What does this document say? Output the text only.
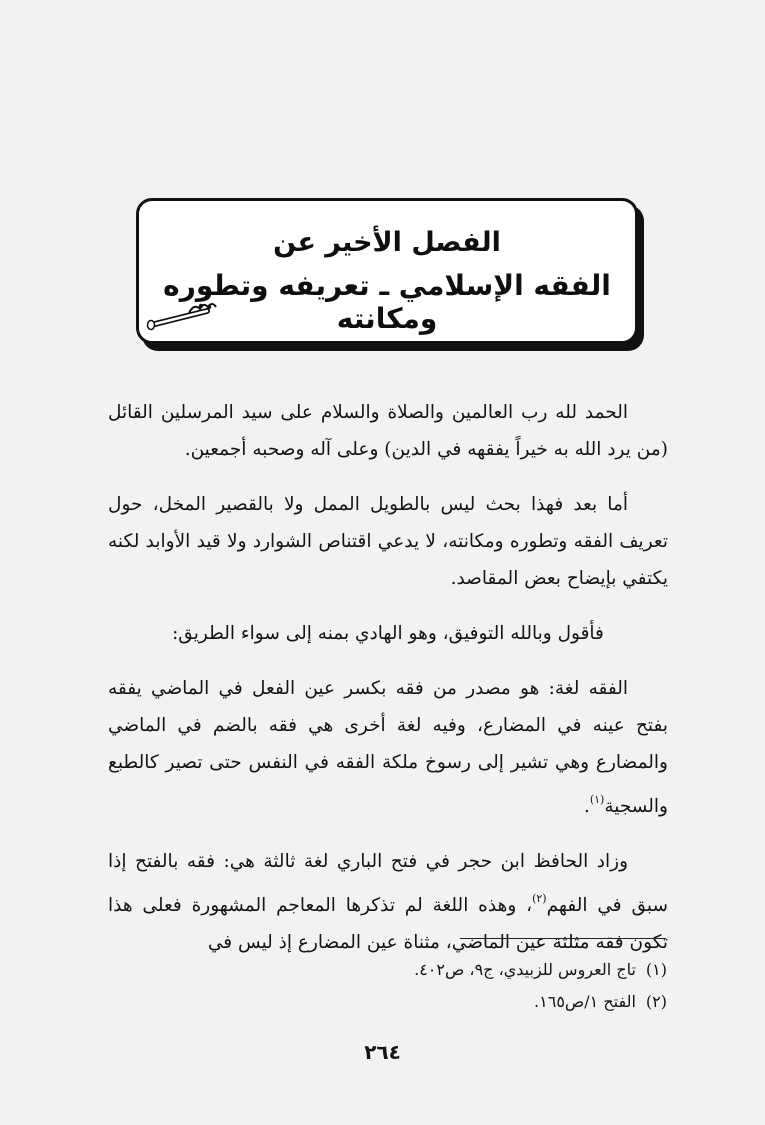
الفصل الأخير عن
الفقه الإسلامي ـ تعريفه وتطوره ومكانته

الحمد لله رب العالمين والصلاة والسلام على سيد المرسلين القائل (من يرد الله به خيراً يفقهه في الدين) وعلى آله وصحبه أجمعين.

أما بعد فهذا بحث ليس بالطويل الممل ولا بالقصير المخل، حول تعريف الفقه وتطوره ومكانته، لا يدعي اقتناص الشوارد ولا قيد الأوابد لكنه يكتفي بإيضاح بعض المقاصد.

فأقول وبالله التوفيق، وهو الهادي بمنه إلى سواء الطريق:

الفقه لغة: هو مصدر من فقه بكسر عين الفعل في الماضي يفقه بفتح عينه في المضارع، وفيه لغة أخرى هي فقه بالضم في الماضي والمضارع وهي تشير إلى رسوخ ملكة الفقه في النفس حتى تصير كالطبع والسجية$^{(١)}$.

وزاد الحافظ ابن حجر في فتح الباري لغة ثالثة هي: فقه بالفتح إذا سبق في الفهم$^{(٢)}$، وهذه اللغة لم تذكرها المعاجم المشهورة فعلى هذا تكون فقه مثلثة عين الماضي، مثناة عين المضارع إذ ليس في

(١)تاج العروس للزبيدي، ج٩، ص٤٠٢.
(٢)الفتح ١/ص١٦٥.
٢٦٤
